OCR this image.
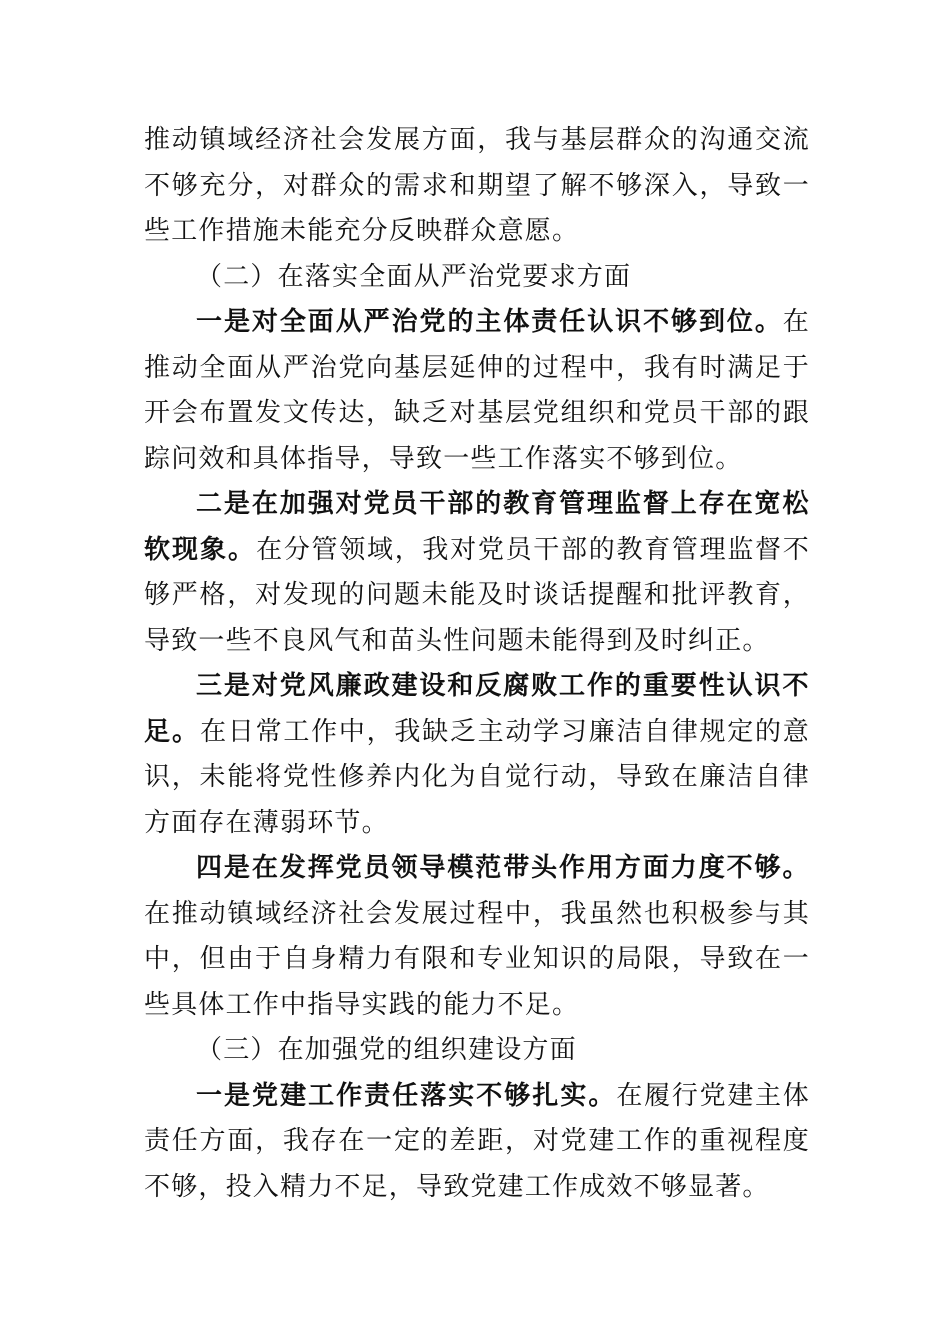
推动镇域经济社会发展方面，我与基层群众的沟通交流不够充分，对群众的需求和期望了解不够深入，导致一些工作措施未能充分反映群众意愿。

（二）在落实全面从严治党要求方面

一是对全面从严治党的主体责任认识不够到位。在推动全面从严治党向基层延伸的过程中，我有时满足于开会布置发文传达，缺乏对基层党组织和党员干部的跟踪问效和具体指导，导致一些工作落实不够到位。

二是在加强对党员干部的教育管理监督上存在宽松软现象。在分管领域，我对党员干部的教育管理监督不够严格，对发现的问题未能及时谈话提醒和批评教育，导致一些不良风气和苗头性问题未能得到及时纠正。

三是对党风廉政建设和反腐败工作的重要性认识不足。在日常工作中，我缺乏主动学习廉洁自律规定的意识，未能将党性修养内化为自觉行动，导致在廉洁自律方面存在薄弱环节。

四是在发挥党员领导模范带头作用方面力度不够。在推动镇域经济社会发展过程中，我虽然也积极参与其中，但由于自身精力有限和专业知识的局限，导致在一些具体工作中指导实践的能力不足。

（三）在加强党的组织建设方面

一是党建工作责任落实不够扎实。在履行党建主体责任方面，我存在一定的差距，对党建工作的重视程度不够，投入精力不足，导致党建工作成效不够显著。
